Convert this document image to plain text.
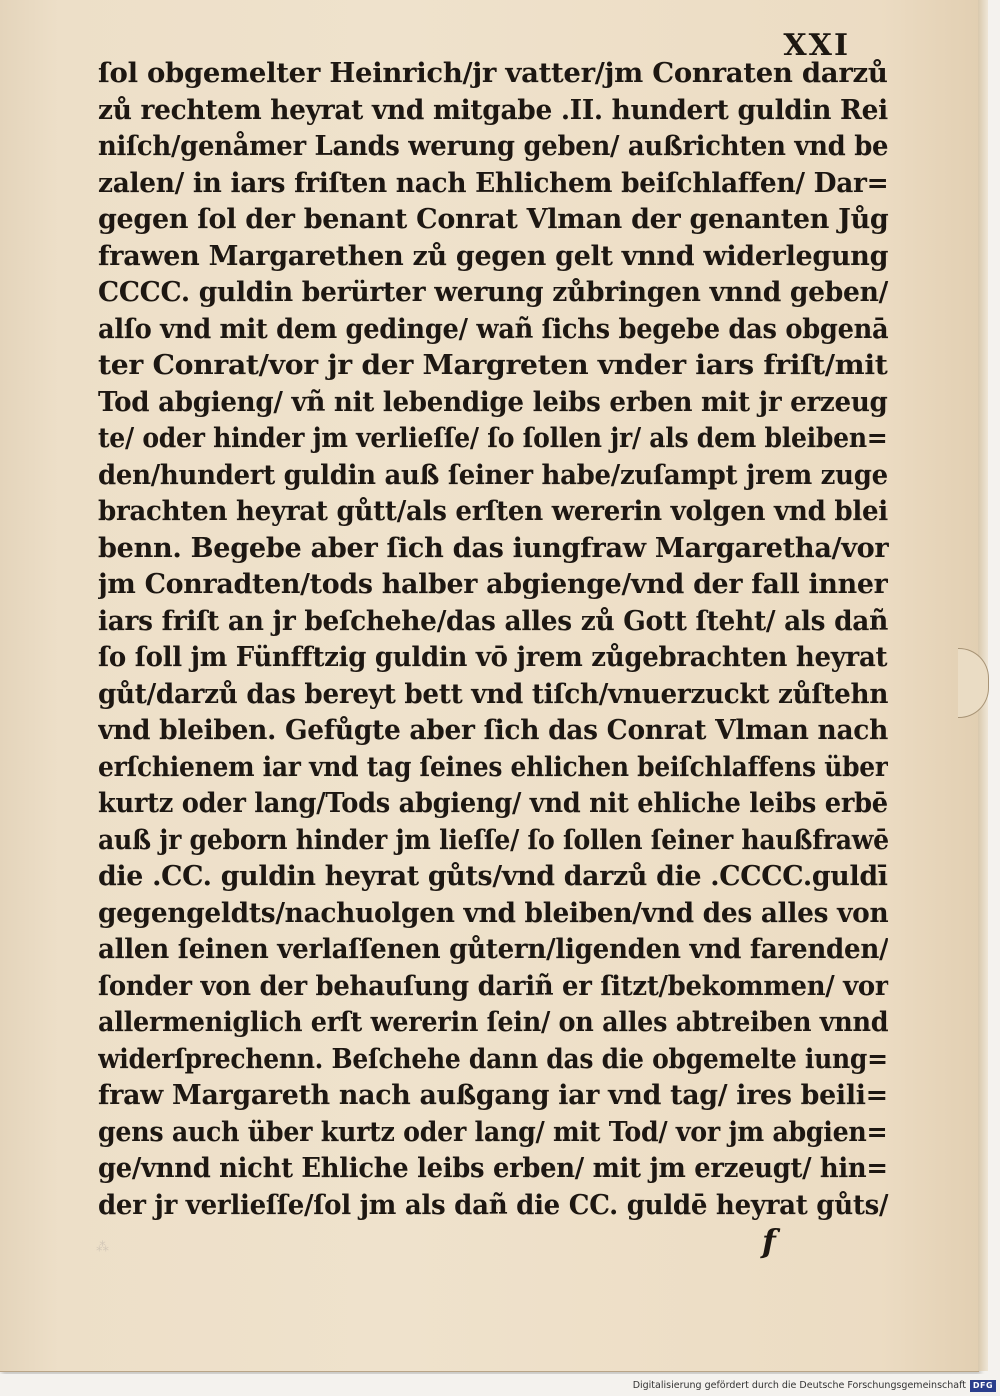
XXI
ſol obgemelter Heinrich/jr vatter/jm Conraten darzů
zů rechtem heyrat vnd mitgabe .II. hundert guldin Rei
niſch/genåmer Lands werung geben/ außrichten vnd be
zalen/ in iars friſten nach Ehlichem beiſchlaffen/ Dar=
gegen ſol der benant Conrat Vlman der genanten Jůg
frawen Margarethen zů gegen gelt vnnd widerlegung
CCCC. guldin berürter werung zůbringen vnnd geben/
alſo vnd mit dem gedinge/ wañ ſichs begebe das obgenā
ter Conrat/vor jr der Margreten vnder iars friſt/mit
Tod abgieng/ vñ nit lebendige leibs erben mit jr erzeug
te/ oder hinder jm verlieſſe/ ſo ſollen jr/ als dem bleiben=
den/hundert guldin auß ſeiner habe/zuſampt jrem zuge
brachten heyrat gůtt/als erſten wererin volgen vnd blei
benn. Begebe aber ſich das iungfraw Margaretha/vor
jm Conradten/tods halber abgienge/vnd der fall inner
iars friſt an jr beſchehe/das alles zů Gott ſteht/ als dañ
ſo ſoll jm Fünfftzig guldin vō jrem zůgebrachten heyrat
gůt/darzů das bereyt bett vnd tiſch/vnuerzuckt zůſtehn
vnd bleiben. Gefůgte aber ſich das Conrat Vlman nach
erſchienem iar vnd tag ſeines ehlichen beiſchlaffens über
kurtz oder lang/Tods abgieng/ vnd nit ehliche leibs erbē
auß jr geborn hinder jm lieſſe/ ſo ſollen ſeiner haußfrawē
die .CC. guldin heyrat gůts/vnd darzů die .CCCC.guldī
gegengeldts/nachuolgen vnd bleiben/vnd des alles von
allen ſeinen verlaſſenen gůtern/ligenden vnd farenden/
ſonder von der behauſung dariñ er ſitzt/bekommen/ vor
allermeniglich erſt wererin ſein/ on alles abtreiben vnnd
widerſprechenn. Beſchehe dann das die obgemelte iung=
fraw Margareth nach außgang iar vnd tag/ ires beili=
gens auch über kurtz oder lang/ mit Tod/ vor jm abgien=
ge/vnnd nicht Ehliche leibs erben/ mit jm erzeugt/ hin=
der jr verlieſſe/ſol jm als dañ die CC. guldē heyrat gůts/
f
⁂
Digitalisierung gefördert durch die Deutsche Forschungsgemeinschaft DFG
